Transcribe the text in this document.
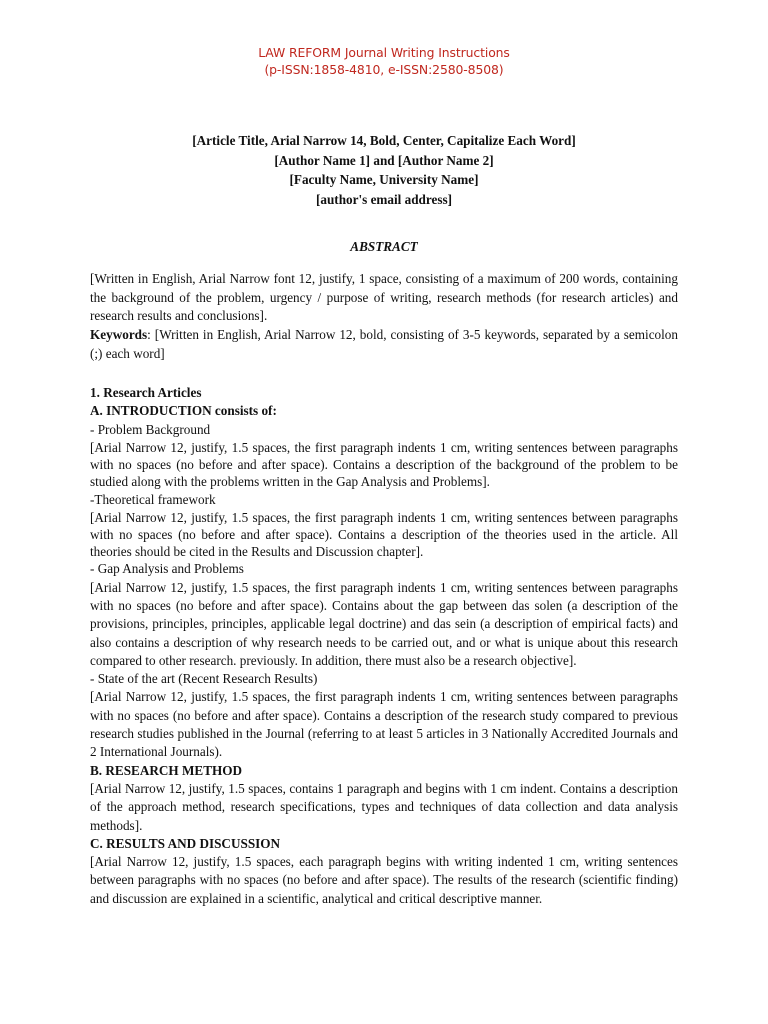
LAW REFORM Journal Writing Instructions
(p-ISSN:1858-4810, e-ISSN:2580-8508)
[Article Title, Arial Narrow 14, Bold, Center, Capitalize Each Word]
[Author Name 1] and [Author Name 2]
[Faculty Name, University Name]
[author's email address]
ABSTRACT
[Written in English, Arial Narrow font 12, justify, 1 space, consisting of a maximum of 200 words, containing the background of the problem, urgency / purpose of writing, research methods (for research articles) and research results and conclusions].
Keywords: [Written in English, Arial Narrow 12, bold, consisting of 3-5 keywords, separated by a semicolon (;) each word]
1. Research Articles
A. INTRODUCTION consists of:
- Problem Background
[Arial Narrow 12, justify, 1.5 spaces, the first paragraph indents 1 cm, writing sentences between paragraphs with no spaces (no before and after space). Contains a description of the background of the problem to be studied along with the problems written in the Gap Analysis and Problems].
-Theoretical framework
[Arial Narrow 12, justify, 1.5 spaces, the first paragraph indents 1 cm, writing sentences between paragraphs with no spaces (no before and after space). Contains a description of the theories used in the article. All theories should be cited in the Results and Discussion chapter].
- Gap Analysis and Problems
[Arial Narrow 12, justify, 1.5 spaces, the first paragraph indents 1 cm, writing sentences between paragraphs with no spaces (no before and after space). Contains about the gap between das solen (a description of the provisions, principles, principles, applicable legal doctrine) and das sein (a description of empirical facts) and also contains a description of why research needs to be carried out, and or what is unique about this research compared to other research. previously. In addition, there must also be a research objective].
- State of the art (Recent Research Results)
[Arial Narrow 12, justify, 1.5 spaces, the first paragraph indents 1 cm, writing sentences between paragraphs with no spaces (no before and after space). Contains a description of the research study compared to previous research studies published in the Journal (referring to at least 5 articles in 3 Nationally Accredited Journals and 2 International Journals).
B. RESEARCH METHOD
[Arial Narrow 12, justify, 1.5 spaces, contains 1 paragraph and begins with 1 cm indent. Contains a description of the approach method, research specifications, types and techniques of data collection and data analysis methods].
C. RESULTS AND DISCUSSION
[Arial Narrow 12, justify, 1.5 spaces, each paragraph begins with writing indented 1 cm, writing sentences between paragraphs with no spaces (no before and after space). The results of the research (scientific finding) and discussion are explained in a scientific, analytical and critical descriptive manner.
